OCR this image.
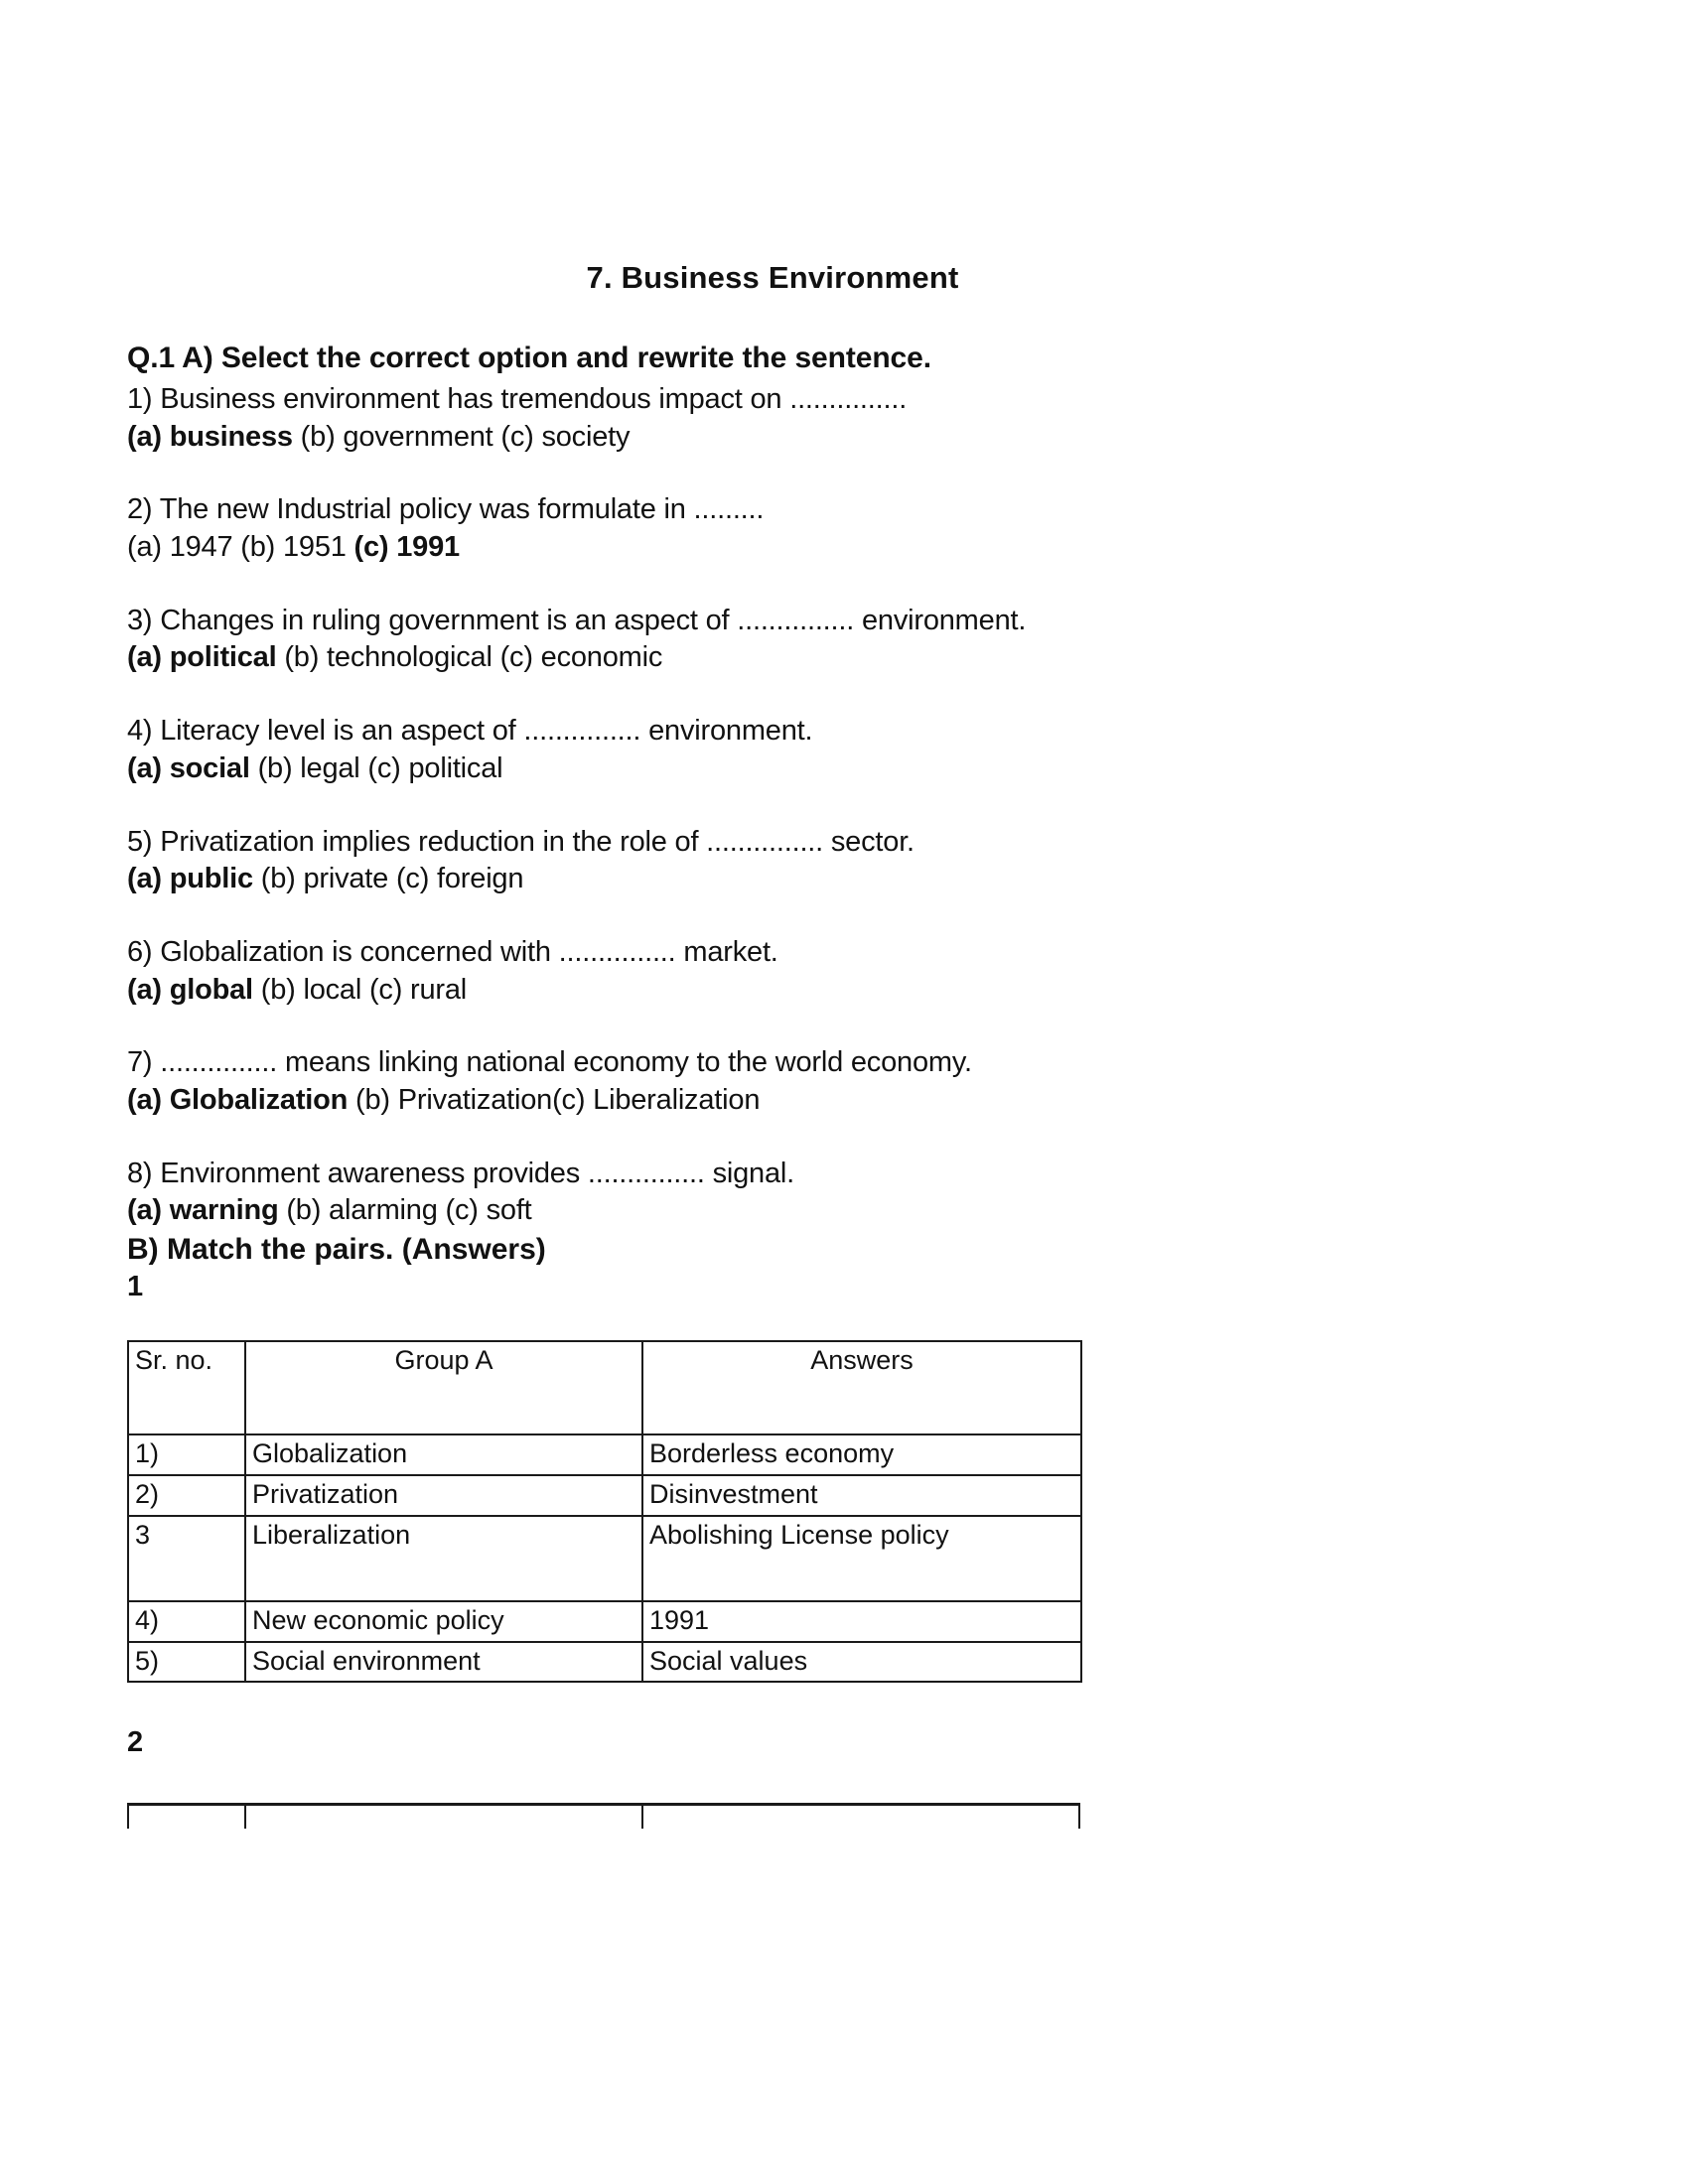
7. Business Environment
Q.1 A) Select the correct option and rewrite the sentence.

1) Business environment has tremendous impact on ...............

(a) business (b) government (c) society

2) The new Industrial policy was formulate in .........

(a) 1947 (b) 1951 (c) 1991

3) Changes in ruling government is an aspect of ............... environment.

(a) political (b) technological (c) economic

4) Literacy level is an aspect of ............... environment.

(a) social (b) legal (c) political

5) Privatization implies reduction in the role of ............... sector.

(a) public (b) private (c) foreign

6) Globalization is concerned with ............... market.

(a) global (b) local (c) rural

7) ............... means linking national economy to the world economy.

(a) Globalization (b) Privatization(c) Liberalization

8) Environment awareness provides ............... signal.

(a) warning (b) alarming (c) soft

B) Match the pairs. (Answers)
1
Sr. no.	Group A	Answers
1)	Globalization	Borderless economy
2)	Privatization	Disinvestment
3	Liberalization	Abolishing License policy
4)	New economic policy	1991
5)	Social environment	Social values
2
